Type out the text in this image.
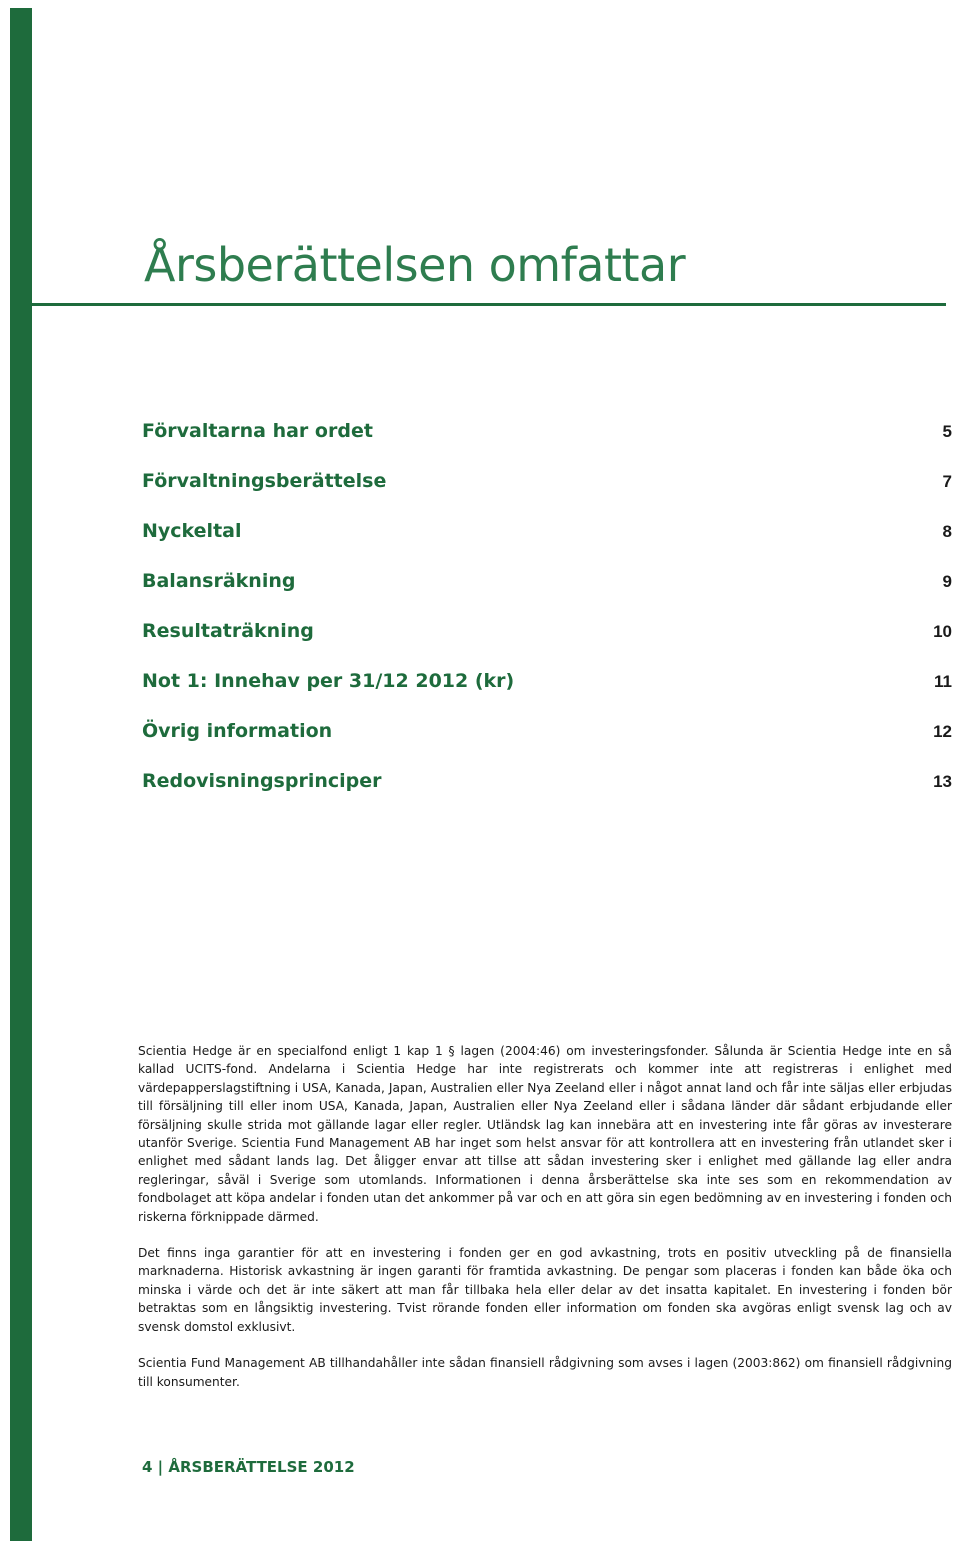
Årsberättelsen omfattar
Förvaltarna har ordet	5
Förvaltningsberättelse	7
Nyckeltal	8
Balansräkning	9
Resultaträkning	10
Not 1: Innehav per 31/12 2012 (kr)	11
Övrig information	12
Redovisningsprinciper	13

Scientia Hedge är en specialfond enligt 1 kap 1 § lagen (2004:46) om investeringsfonder. Sålunda är Scientia Hedge inte en så kallad UCITS-fond. Andelarna i Scientia Hedge har inte registrerats och kommer inte att registreras i enlighet med värdepapperslagstiftning i USA, Kanada, Japan, Australien eller Nya Zeeland eller i något annat land och får inte säljas eller erbjudas till försäljning till eller inom USA, Kanada, Japan, Australien eller Nya Zeeland eller i sådana länder där sådant erbjudande eller försäljning skulle strida mot gällande lagar eller regler. Utländsk lag kan innebära att en investering inte får göras av investerare utanför Sverige. Scientia Fund Management AB har inget som helst ansvar för att kontrollera att en investering från utlandet sker i enlighet med sådant lands lag. Det åligger envar att tillse att sådan investering sker i enlighet med gällande lag eller andra regleringar, såväl i Sverige som utomlands. Informationen i denna årsberättelse ska inte ses som en rekommendation av fondbolaget att köpa andelar i fonden utan det ankommer på var och en att göra sin egen bedömning av en investering i fonden och riskerna förknippade därmed.

Det finns inga garantier för att en investering i fonden ger en god avkastning, trots en positiv utveckling på de finansiella marknaderna. Historisk avkastning är ingen garanti för framtida avkastning. De pengar som placeras i fonden kan både öka och minska i värde och det är inte säkert att man får tillbaka hela eller delar av det insatta kapitalet. En investering i fonden bör betraktas som en långsiktig investering. Tvist rörande fonden eller information om fonden ska avgöras enligt svensk lag och av svensk domstol exklusivt.

Scientia Fund Management AB tillhandahåller inte sådan finansiell rådgivning som avses i lagen (2003:862) om finansiell rådgivning till konsumenter.

4 | ÅRSBERÄTTELSE 2012
